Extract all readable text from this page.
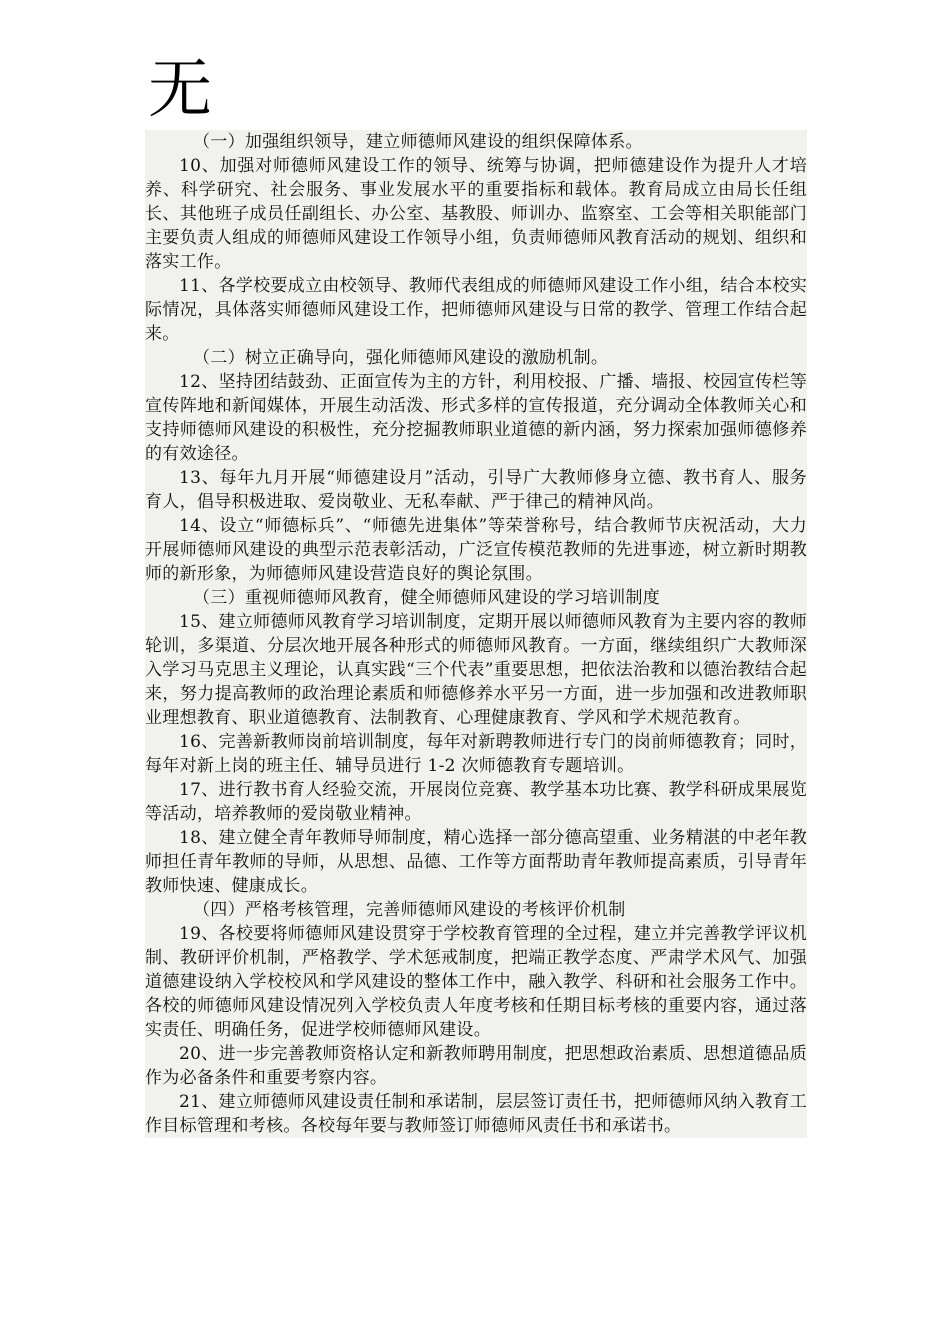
无

（一）加强组织领导，建立师德师风建设的组织保障体系。

10、加强对师德师风建设工作的领导、统筹与协调，把师德建设作为提升人才培养、科学研究、社会服务、事业发展水平的重要指标和载体。教育局成立由局长任组长、其他班子成员任副组长、办公室、基教股、师训办、监察室、工会等相关职能部门主要负责人组成的师德师风建设工作领导小组，负责师德师风教育活动的规划、组织和落实工作。

11、各学校要成立由校领导、教师代表组成的师德师风建设工作小组，结合本校实际情况，具体落实师德师风建设工作，把师德师风建设与日常的教学、管理工作结合起来。

（二）树立正确导向，强化师德师风建设的激励机制。

12、坚持团结鼓劲、正面宣传为主的方针，利用校报、广播、墙报、校园宣传栏等宣传阵地和新闻媒体，开展生动活泼、形式多样的宣传报道，充分调动全体教师关心和支持师德师风建设的积极性，充分挖掘教师职业道德的新内涵，努力探索加强师德修养的有效途径。

13、每年九月开展“师德建设月”活动，引导广大教师修身立德、教书育人、服务育人，倡导积极进取、爱岗敬业、无私奉献、严于律己的精神风尚。

14、设立“师德标兵”、“师德先进集体”等荣誉称号，结合教师节庆祝活动，大力开展师德师风建设的典型示范表彰活动，广泛宣传模范教师的先进事迹，树立新时期教师的新形象，为师德师风建设营造良好的舆论氛围。

（三）重视师德师风教育，健全师德师风建设的学习培训制度

15、建立师德师风教育学习培训制度，定期开展以师德师风教育为主要内容的教师轮训，多渠道、分层次地开展各种形式的师德师风教育。一方面，继续组织广大教师深入学习马克思主义理论，认真实践“三个代表”重要思想，把依法治教和以德治教结合起来，努力提高教师的政治理论素质和师德修养水平另一方面，进一步加强和改进教师职业理想教育、职业道德教育、法制教育、心理健康教育、学风和学术规范教育。

16、完善新教师岗前培训制度，每年对新聘教师进行专门的岗前师德教育；同时，每年对新上岗的班主任、辅导员进行 1-2 次师德教育专题培训。

17、进行教书育人经验交流，开展岗位竞赛、教学基本功比赛、教学科研成果展览等活动，培养教师的爱岗敬业精神。

18、建立健全青年教师导师制度，精心选择一部分德高望重、业务精湛的中老年教师担任青年教师的导师，从思想、品德、工作等方面帮助青年教师提高素质，引导青年教师快速、健康成长。

（四）严格考核管理，完善师德师风建设的考核评价机制

19、各校要将师德师风建设贯穿于学校教育管理的全过程，建立并完善教学评议机制、教研评价机制，严格教学、学术惩戒制度，把端正教学态度、严肃学术风气、加强道德建设纳入学校校风和学风建设的整体工作中，融入教学、科研和社会服务工作中。各校的师德师风建设情况列入学校负责人年度考核和任期目标考核的重要内容，通过落实责任、明确任务，促进学校师德师风建设。

20、进一步完善教师资格认定和新教师聘用制度，把思想政治素质、思想道德品质作为必备条件和重要考察内容。

21、建立师德师风建设责任制和承诺制，层层签订责任书，把师德师风纳入教育工作目标管理和考核。各校每年要与教师签订师德师风责任书和承诺书。
